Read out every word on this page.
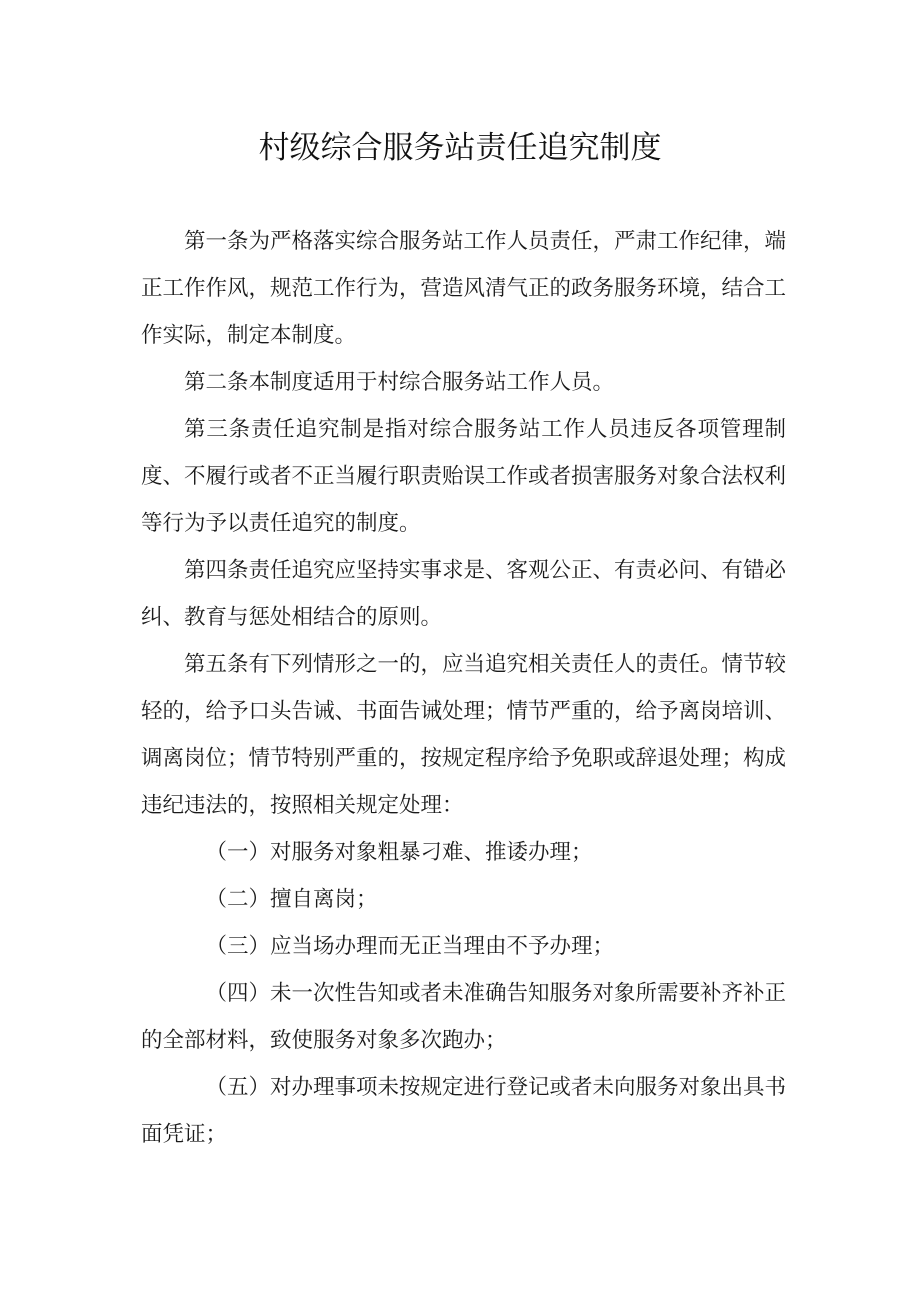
村级综合服务站责任追究制度

第一条为严格落实综合服务站工作人员责任，严肃工作纪律，端正工作作风，规范工作行为，营造风清气正的政务服务环境，结合工作实际，制定本制度。

第二条本制度适用于村综合服务站工作人员。

第三条责任追究制是指对综合服务站工作人员违反各项管理制度、不履行或者不正当履行职责贻误工作或者损害服务对象合法权利等行为予以责任追究的制度。

第四条责任追究应坚持实事求是、客观公正、有责必问、有错必纠、教育与惩处相结合的原则。

第五条有下列情形之一的，应当追究相关责任人的责任。情节较轻的，给予口头告诫、书面告诫处理；情节严重的，给予离岗培训、调离岗位；情节特别严重的，按规定程序给予免职或辞退处理；构成违纪违法的，按照相关规定处理：

（一）对服务对象粗暴刁难、推诿办理；

（二）擅自离岗；

（三）应当场办理而无正当理由不予办理；

（四）未一次性告知或者未准确告知服务对象所需要补齐补正的全部材料，致使服务对象多次跑办；

（五）对办理事项未按规定进行登记或者未向服务对象出具书面凭证；
